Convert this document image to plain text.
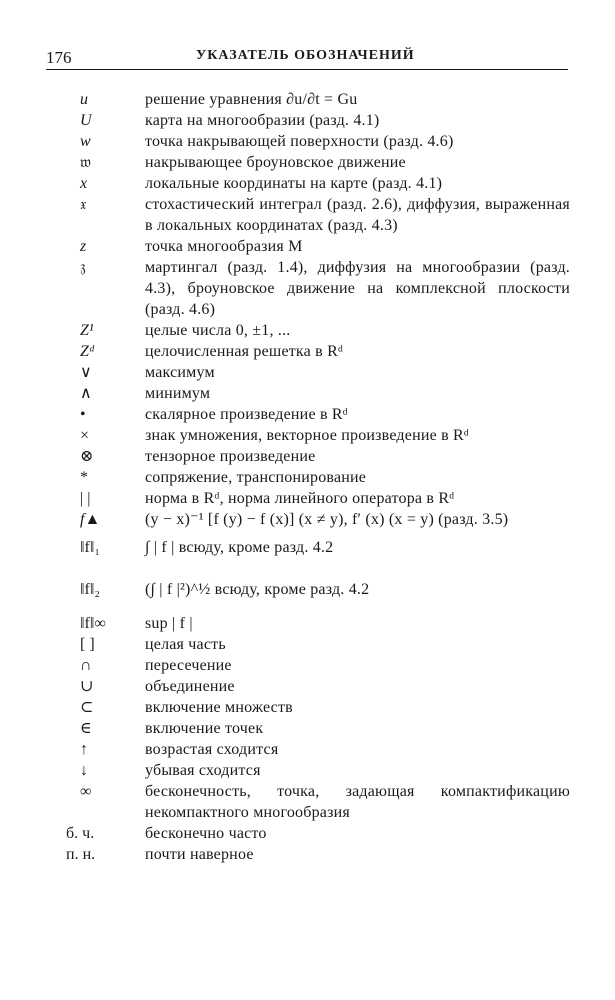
176	УКАЗАТЕЛЬ ОБОЗНАЧЕНИЙ
u	решение уравнения ∂u/∂t = Gu
U	карта на многообразии (разд. 4.1)
w	точка накрывающей поверхности (разд. 4.6)
𝔴	накрывающее броуновское движение
x	локальные координаты на карте (разд. 4.1)
𝔵	стохастический интеграл (разд. 2.6), диффузия, выраженная в локальных координатах (разд. 4.3)
z	точка многообразия M
𝔷	мартингал (разд. 1.4), диффузия на многообразии (разд. 4.3), броуновское движение на комплексной плоскости (разд. 4.6)
Z¹	целые числа 0, ±1, ...
Zᵈ	целочисленная решетка в Rᵈ
∨	максимум
∧	минимум
•	скалярное произведение в Rᵈ
×	знак умножения, векторное произведение в Rᵈ
⊗	тензорное произведение
*	сопряжение, транспонирование
| |	норма в Rᵈ, норма линейного оператора в Rᵈ
f▲	(y − x)⁻¹ [f (y) − f (x)] (x ≠ y), f′ (x) (x = y) (разд. 3.5)
‖f‖₁	∫ | f | всюду, кроме разд. 4.2
‖f‖₂	(∫ | f |²)^½ всюду, кроме разд. 4.2
‖f‖∞	sup | f |
[ ]	целая часть
∩	пересечение
∪	объединение
⊂	включение множеств
∈	включение точек
↑	возрастая сходится
↓	убывая сходится
∞	бесконечность, точка, задающая компактификацию некомпактного многообразия
б. ч.	бесконечно часто
п. н.	почти наверное
